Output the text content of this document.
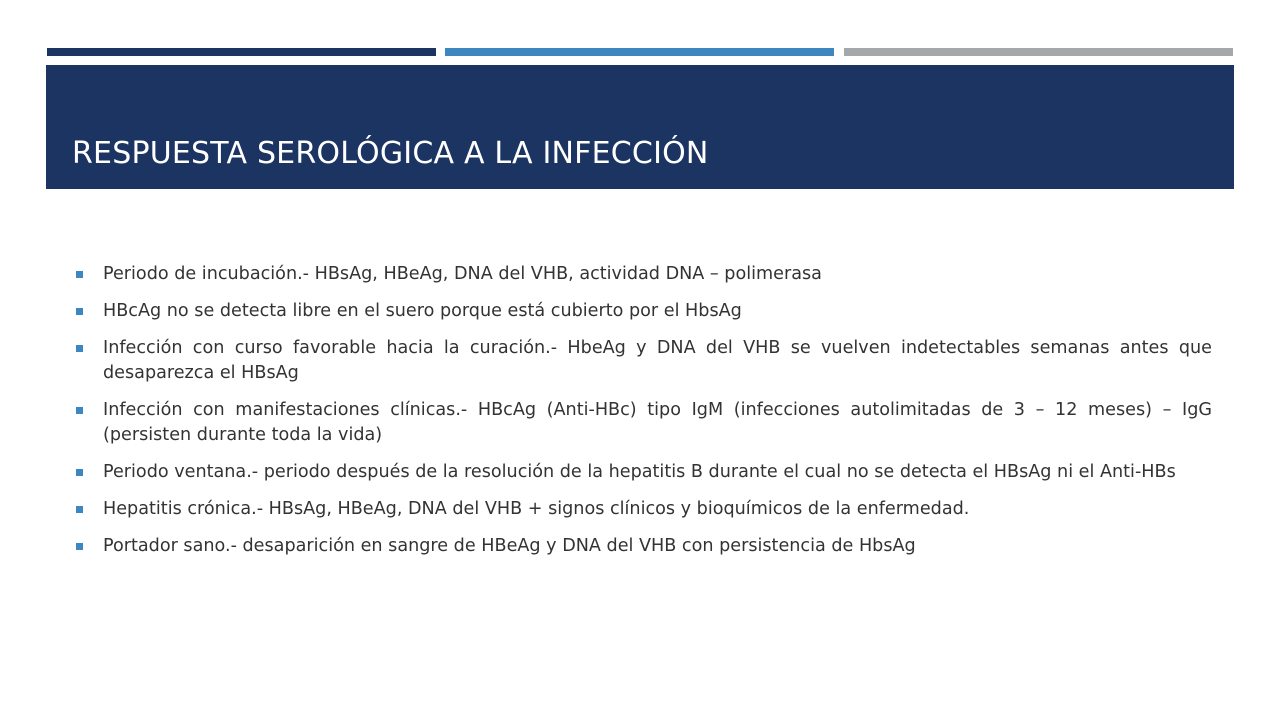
RESPUESTA SEROLÓGICA A LA INFECCIÓN
Periodo de incubación.- HBsAg, HBeAg, DNA del VHB, actividad DNA – polimerasa
HBcAg no se detecta libre en el suero porque está cubierto por el HbsAg
Infección con curso favorable hacia la curación.- HbeAg y DNA del VHB se vuelven indetectables semanas antes que desaparezca el HBsAg
Infección con manifestaciones clínicas.- HBcAg (Anti-HBc) tipo IgM (infecciones autolimitadas de 3 – 12 meses) – IgG (persisten durante toda la vida)
Periodo ventana.- periodo después de la resolución de la hepatitis B durante el cual no se detecta el HBsAg ni el Anti-HBs
Hepatitis crónica.- HBsAg, HBeAg, DNA del VHB + signos clínicos y bioquímicos de la enfermedad.
Portador sano.- desaparición en sangre de HBeAg y DNA del VHB con persistencia de HbsAg
